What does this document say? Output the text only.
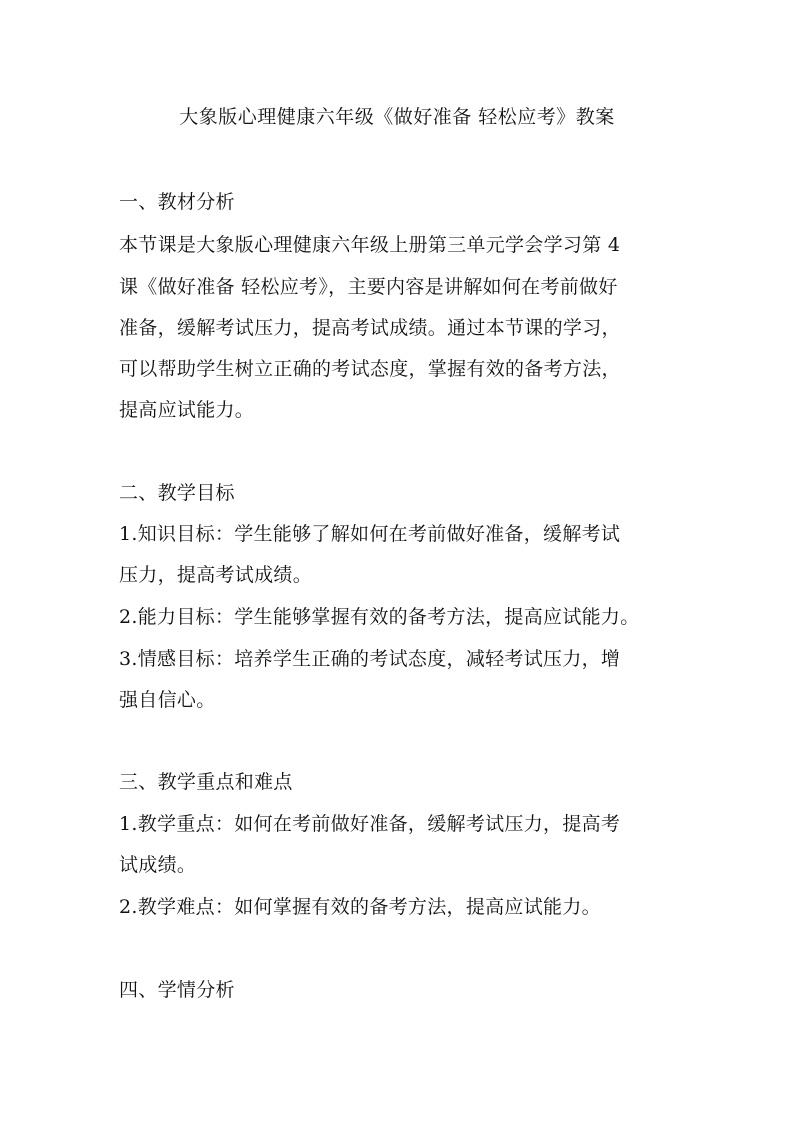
大象版心理健康六年级《做好准备 轻松应考》教案
一、教材分析
本节课是大象版心理健康六年级上册第三单元学会学习第 4
课《做好准备 轻松应考》，主要内容是讲解如何在考前做好
准备，缓解考试压力，提高考试成绩。通过本节课的学习，
可以帮助学生树立正确的考试态度，掌握有效的备考方法，
提高应试能力。
二、教学目标
1.知识目标：学生能够了解如何在考前做好准备，缓解考试
压力，提高考试成绩。
2.能力目标：学生能够掌握有效的备考方法，提高应试能力。
3.情感目标：培养学生正确的考试态度，减轻考试压力，增
强自信心。
三、教学重点和难点
1.教学重点：如何在考前做好准备，缓解考试压力，提高考
试成绩。
2.教学难点：如何掌握有效的备考方法，提高应试能力。
四、学情分析
